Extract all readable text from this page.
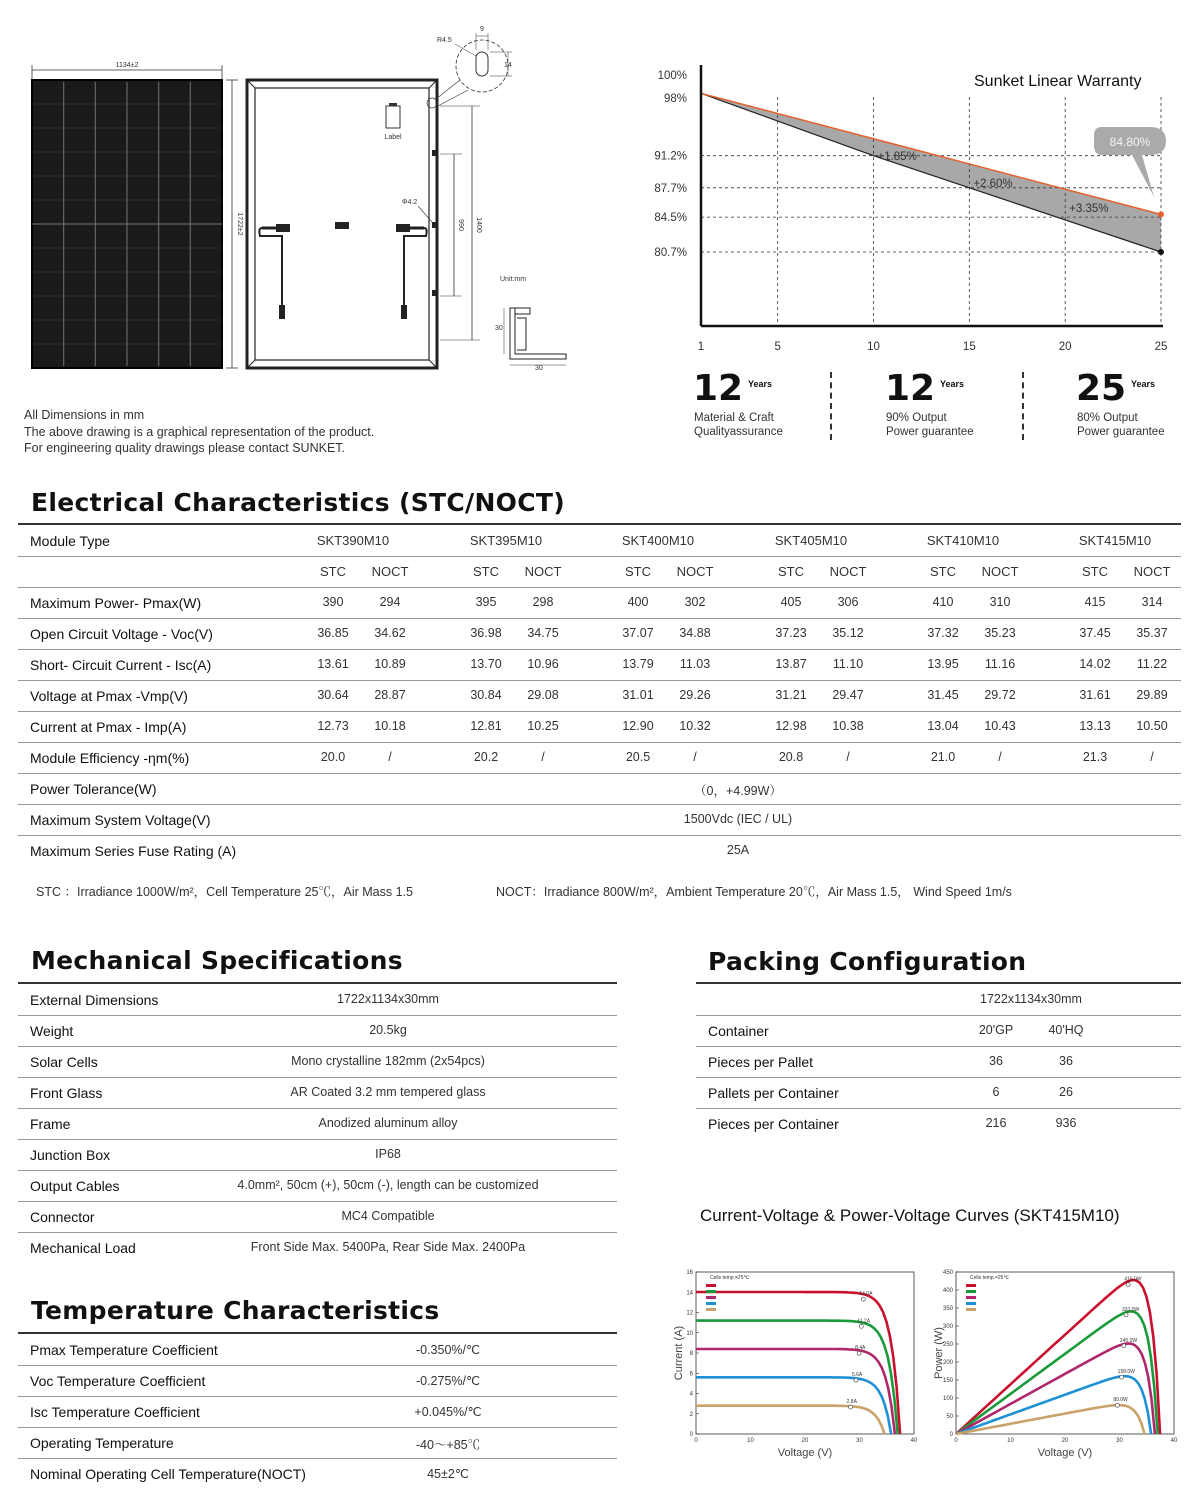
1134±2
1722±2
Label
Φ4.2
990 1400
9
14
R4.5
Unit:mm
30
30
All Dimensions in mm
The above drawing is a graphical representation of the product.
For engineering quality drawings please contact SUNKET.
100%
98%
91.2%
87.7%
84.5%
80.7%
1	5	10	15	20	25
+1.85%
+2.60%
+3.35%
84.80%
Sunket Linear Warranty
12 Years
Material & Craft
Qualityassurance
12 Years
90% Output
Power guarantee
25 Years
80% Output
Power guarantee
Electrical Characteristics (STC/NOCT)
Module Type	SKT390M10	SKT395M10	SKT400M10	SKT405M10	SKT410M10	SKT415M10
STC	NOCT	STC	NOCT	STC	NOCT	STC	NOCT	STC	NOCT	STC	NOCT
Maximum Power- Pmax(W)	390	294	395	298	400	302	405	306	410	310	415	314
Open Circuit Voltage - Voc(V)	36.85	34.62	36.98	34.75	37.07	34.88	37.23	35.12	37.32	35.23	37.45	35.37
Short- Circuit Current - Isc(A)	13.61	10.89	13.70	10.96	13.79	11.03	13.87	11.10	13.95	11.16	14.02	11.22
Voltage at Pmax -Vmp(V)	30.64	28.87	30.84	29.08	31.01	29.26	31.21	29.47	31.45	29.72	31.61	29.89
Current at Pmax - Imp(A)	12.73	10.18	12.81	10.25	12.90	10.32	12.98	10.38	13.04	10.43	13.13	10.50
Module Efficiency -ηm(%)	20.0	/	20.2	/	20.5	/	20.8	/	21.0	/	21.3	/
Power Tolerance(W)	（0，+4.99W）
Maximum System Voltage(V)	1500Vdc (IEC / UL)
Maximum Series Fuse Rating (A)	25A
STC ：Irradiance 1000W/m²，Cell Temperature 25℃，Air Mass 1.5	NOCT：Irradiance 800W/m²，Ambient Temperature 20℃，Air Mass 1.5， Wind Speed 1m/s
Mechanical Specifications
External Dimensions	1722x1134x30mm
Weight	20.5kg
Solar Cells	Mono crystalline 182mm (2x54pcs)
Front Glass	AR Coated 3.2 mm tempered glass
Frame	Anodized aluminum alloy
Junction Box	IP68
Output Cables	4.0mm², 50cm (+), 50cm (-), length can be customized
Connector	MC4 Compatible
Mechanical Load	Front Side Max. 5400Pa, Rear Side Max. 2400Pa
Packing Configuration
1722x1134x30mm
Container	20'GP	40'HQ
Pieces per Pallet	36	36
Pallets per Container	6	26
Pieces per Container	216	936
Temperature Characteristics
Pmax Temperature Coefficient	-0.350%/℃
Voc Temperature Coefficient	-0.275%/℃
Isc Temperature Coefficient	+0.045%/℃
Operating Temperature	-40～+85℃
Nominal Operating Cell Temperature(NOCT)	45±2℃
Current-Voltage & Power-Voltage Curves (SKT415M10)
Cells temp.=25℃
0
2
4
6
8
10
12
14
16
0	10	20	30	40
Current (A)
Voltage (V)
14.0A
11.2A
8.4A
5.6A
2.8A
Cells temp.=25℃
0
50
100
150
200
250
300
350
400
450
0	10	20	30	40
Power (W)
Voltage (V)
415.0W
331.0W
245.0W
158.0W
80.0W
